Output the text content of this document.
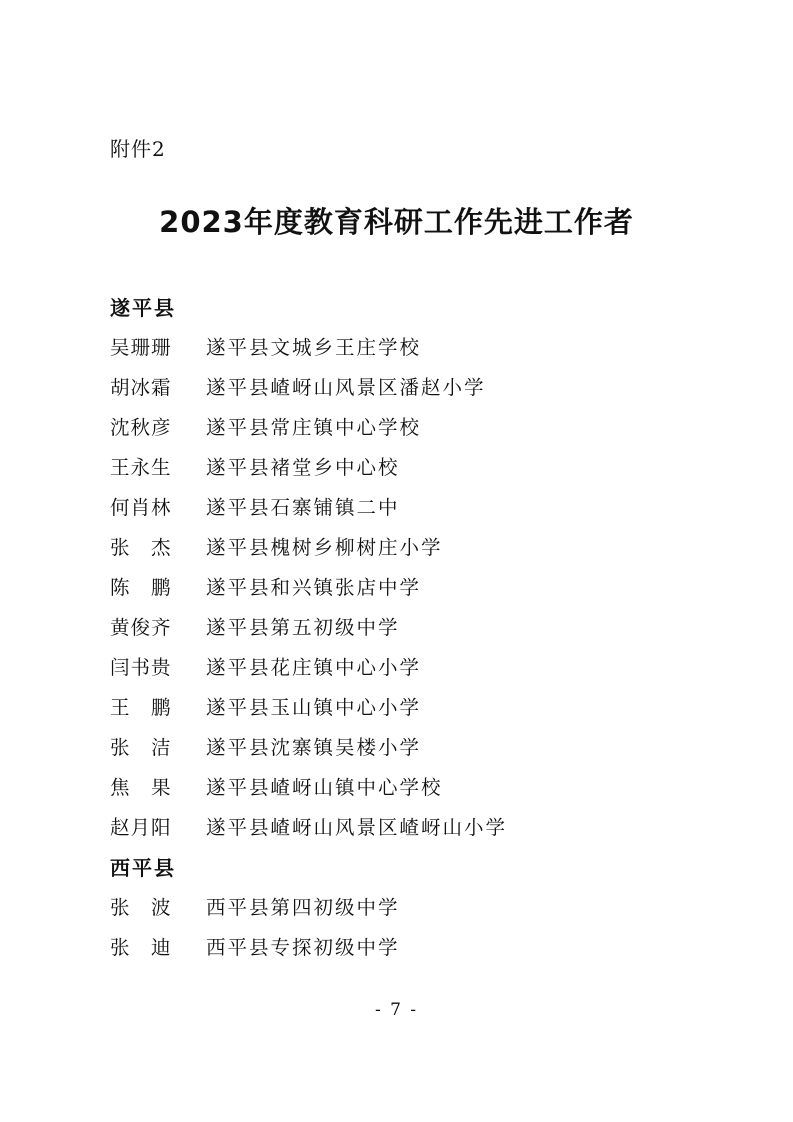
附件2
2023年度教育科研工作先进工作者
遂平县
吴珊珊 遂平县文城乡王庄学校
胡冰霜 遂平县嵖岈山风景区潘赵小学
沈秋彦 遂平县常庄镇中心学校
王永生 遂平县褚堂乡中心校
何肖林 遂平县石寨铺镇二中
张　杰 遂平县槐树乡柳树庄小学
陈　鹏 遂平县和兴镇张店中学
黄俊齐 遂平县第五初级中学
闫书贵 遂平县花庄镇中心小学
王　鹏 遂平县玉山镇中心小学
张　洁 遂平县沈寨镇吴楼小学
焦　果 遂平县嵖岈山镇中心学校
赵月阳 遂平县嵖岈山风景区嵖岈山小学
西平县
张　波 西平县第四初级中学
张　迪 西平县专探初级中学
- 7 -
